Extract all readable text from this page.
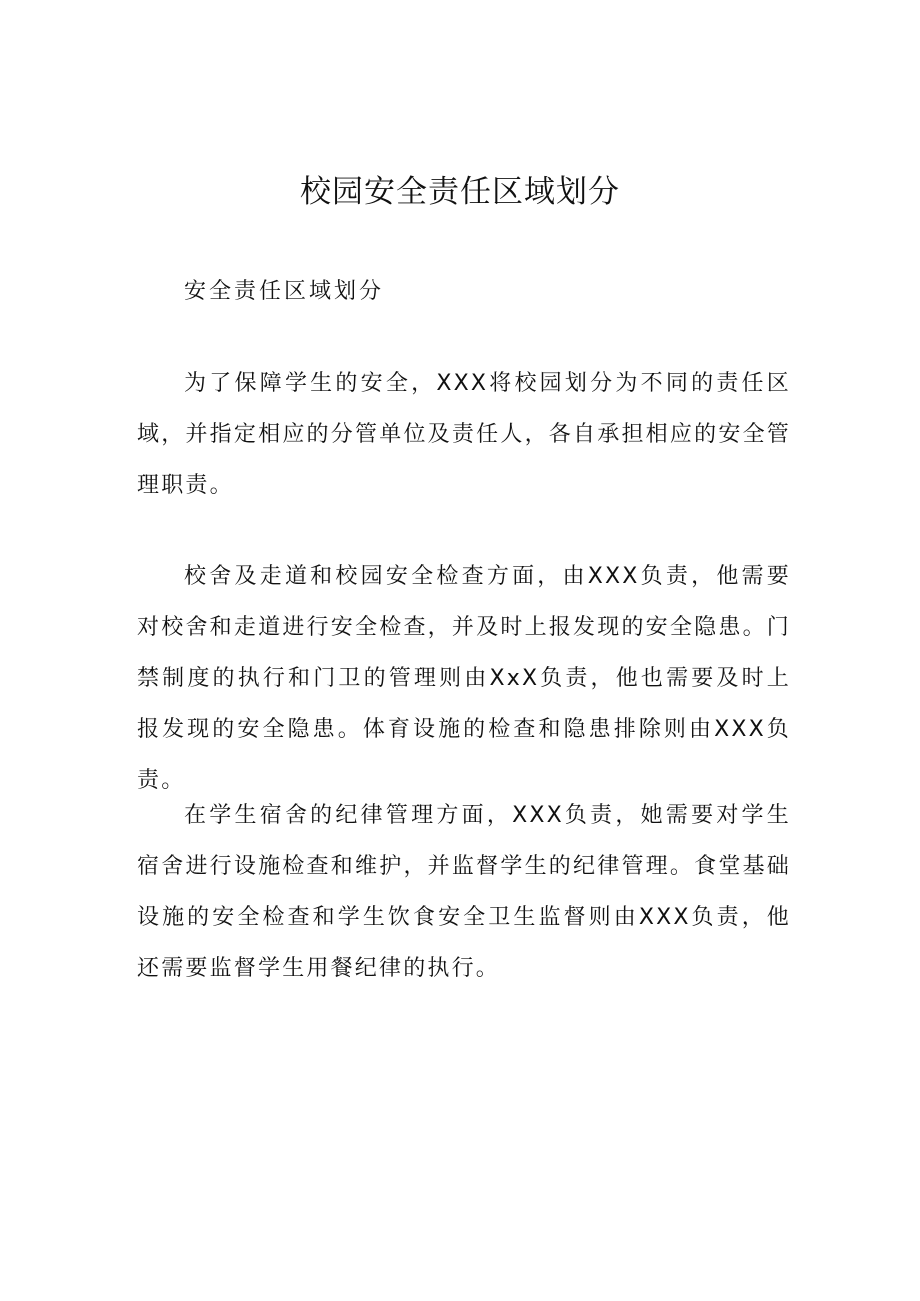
校园安全责任区域划分
安全责任区域划分

为了保障学生的安全，XXX将校园划分为不同的责任区域，并指定相应的分管单位及责任人，各自承担相应的安全管理职责。

校舍及走道和校园安全检查方面，由XXX负责，他需要对校舍和走道进行安全检查，并及时上报发现的安全隐患。门禁制度的执行和门卫的管理则由XxX负责，他也需要及时上报发现的安全隐患。体育设施的检查和隐患排除则由XXX负责。

在学生宿舍的纪律管理方面，XXX负责，她需要对学生宿舍进行设施检查和维护，并监督学生的纪律管理。食堂基础设施的安全检查和学生饮食安全卫生监督则由XXX负责，他还需要监督学生用餐纪律的执行。
